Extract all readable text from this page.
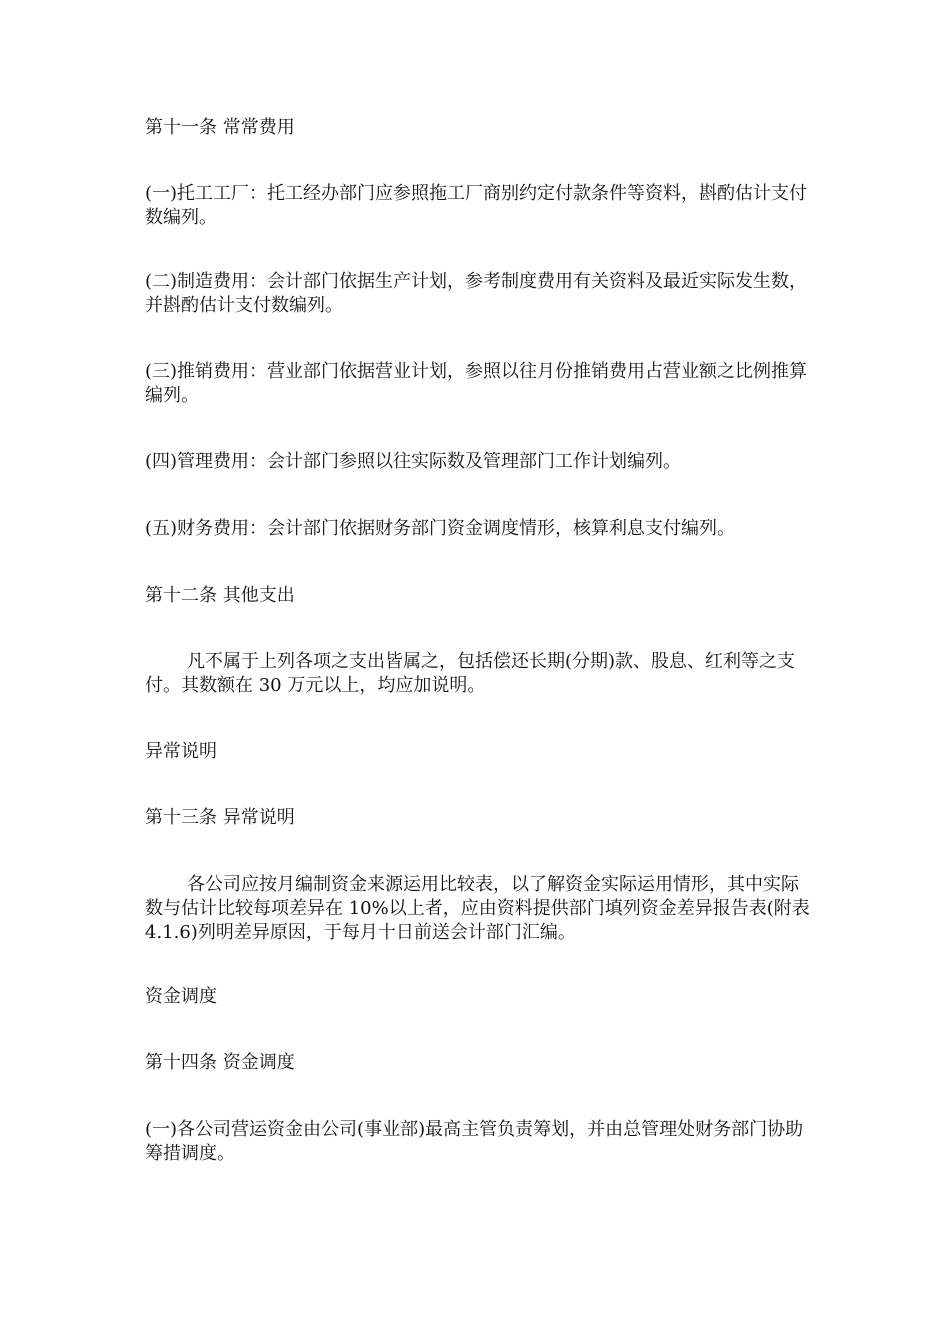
第十一条 常常费用

(一)托工工厂：托工经办部门应参照拖工厂商别约定付款条件等资料，斟酌估计支付数编列。

(二)制造费用：会计部门依据生产计划，参考制度费用有关资料及最近实际发生数，并斟酌估计支付数编列。

(三)推销费用：营业部门依据营业计划，参照以往月份推销费用占营业额之比例推算编列。

(四)管理费用：会计部门参照以往实际数及管理部门工作计划编列。

(五)财务费用：会计部门依据财务部门资金调度情形，核算利息支付编列。

第十二条 其他支出

凡不属于上列各项之支出皆属之，包括偿还长期(分期)款、股息、红利等之支付。其数额在 30 万元以上，均应加说明。

异常说明

第十三条 异常说明

各公司应按月编制资金来源运用比较表，以了解资金实际运用情形，其中实际数与估计比较每项差异在 10%以上者，应由资料提供部门填列资金差异报告表(附表 4.1.6)列明差异原因，于每月十日前送会计部门汇编。

资金调度

第十四条 资金调度

(一)各公司营运资金由公司(事业部)最高主管负责筹划，并由总管理处财务部门协助筹措调度。
